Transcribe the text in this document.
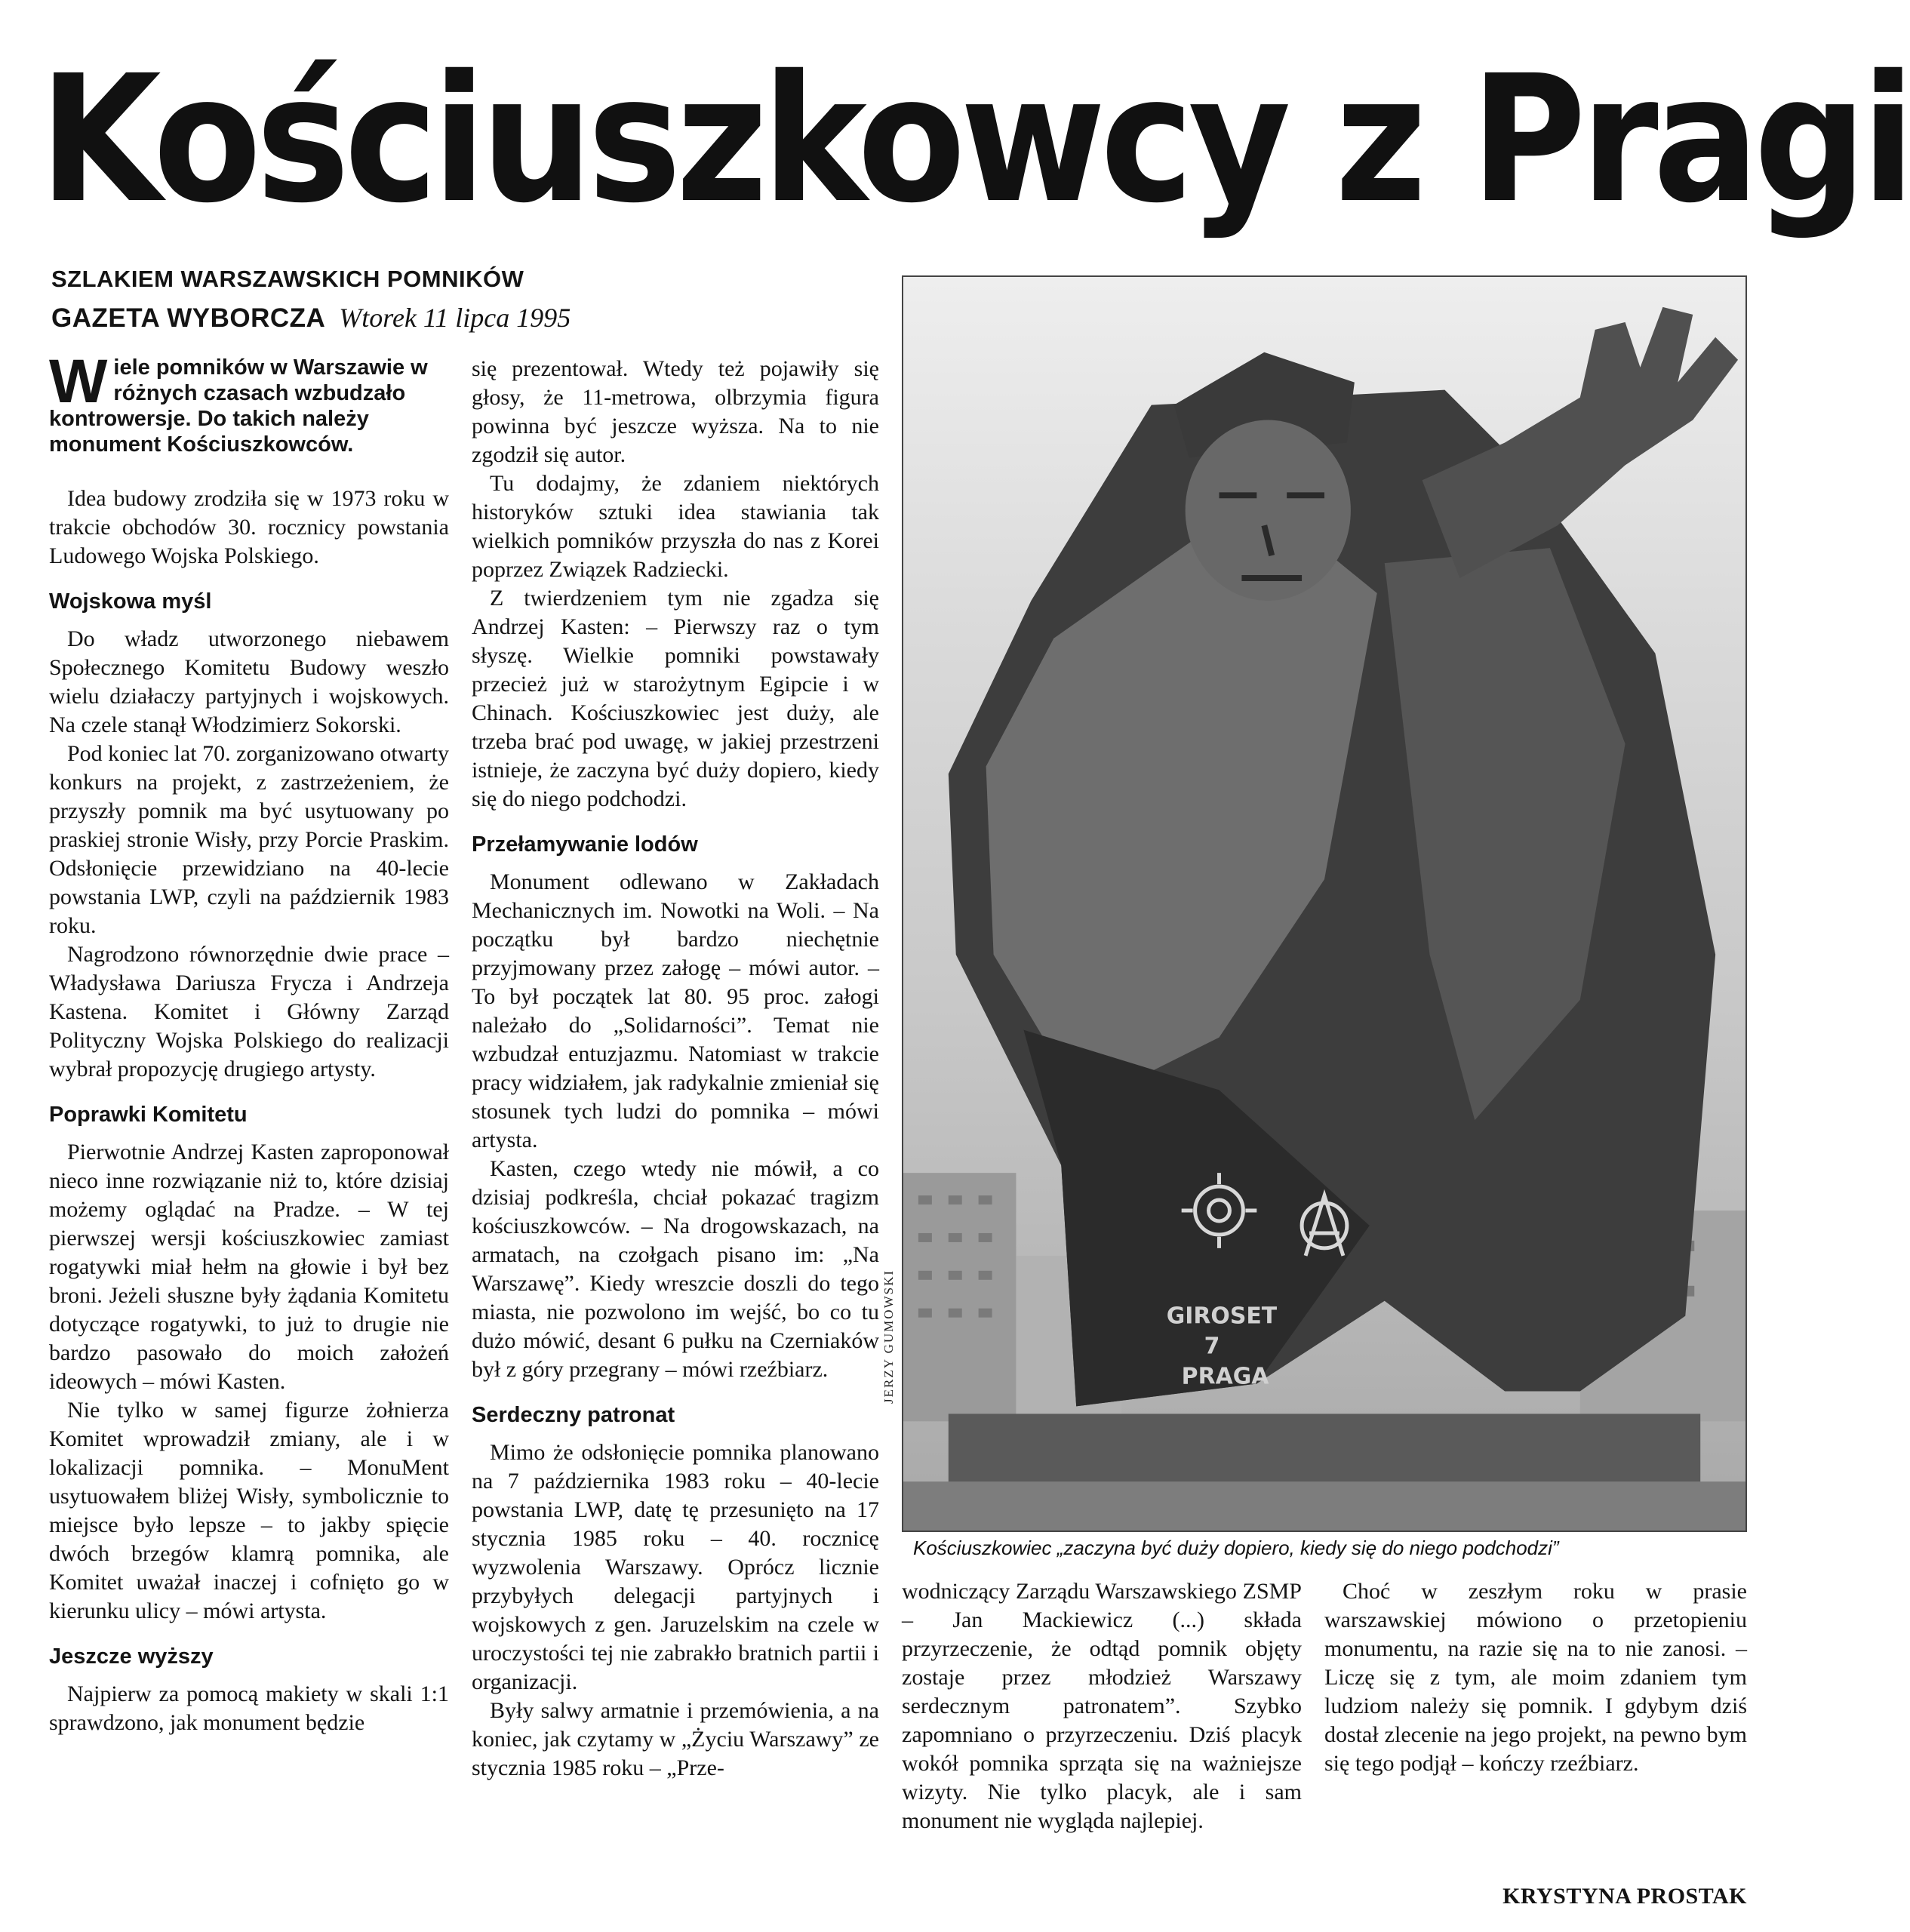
Kościuszkowcy z Pragi
SZLAKIEM WARSZAWSKICH POMNIKÓW
GAZETA WYBORCZA Wtorek 11 lipca 1995
Wiele pomników w Warszawie w różnych czasach wzbudzało kontrowersje. Do takich należy monument Kościuszkowców.

Idea budowy zrodziła się w 1973 roku w trakcie obchodów 30. rocznicy powstania Ludowego Wojska Polskiego.

Wojskowa myśl

Do władz utworzonego niebawem Społecznego Komitetu Budowy weszło wielu działaczy partyjnych i wojskowych. Na czele stanął Włodzimierz Sokorski.

Pod koniec lat 70. zorganizowano otwarty konkurs na projekt, z zastrzeżeniem, że przyszły pomnik ma być usytuowany po praskiej stronie Wisły, przy Porcie Praskim. Odsłonięcie przewidziano na 40-lecie powstania LWP, czyli na październik 1983 roku.

Nagrodzono równorzędnie dwie prace – Władysława Dariusza Frycza i Andrzeja Kastena. Komitet i Główny Zarząd Polityczny Wojska Polskiego do realizacji wybrał propozycję drugiego artysty.

Poprawki Komitetu

Pierwotnie Andrzej Kasten zaproponował nieco inne rozwiązanie niż to, które dzisiaj możemy oglądać na Pradze. – W tej pierwszej wersji kościuszkowiec zamiast rogatywki miał hełm na głowie i był bez broni. Jeżeli słuszne były żądania Komitetu dotyczące rogatywki, to już to drugie nie bardzo pasowało do moich założeń ideowych – mówi Kasten.

Nie tylko w samej figurze żołnierza Komitet wprowadził zmiany, ale i w lokalizacji pomnika. – MonuMent usytuowałem bliżej Wisły, symbolicznie to miejsce było lepsze – to jakby spięcie dwóch brzegów klamrą pomnika, ale Komitet uważał inaczej i cofnięto go w kierunku ulicy – mówi artysta.

Jeszcze wyższy

Najpierw za pomocą makiety w skali 1:1 sprawdzono, jak monument będzie

się prezentował. Wtedy też pojawiły się głosy, że 11-metrowa, olbrzymia figura powinna być jeszcze wyższa. Na to nie zgodził się autor.

Tu dodajmy, że zdaniem niektórych historyków sztuki idea stawiania tak wielkich pomników przyszła do nas z Korei poprzez Związek Radziecki.

Z twierdzeniem tym nie zgadza się Andrzej Kasten: – Pierwszy raz o tym słyszę. Wielkie pomniki powstawały przecież już w starożytnym Egipcie i w Chinach. Kościuszkowiec jest duży, ale trzeba brać pod uwagę, w jakiej przestrzeni istnieje, że zaczyna być duży dopiero, kiedy się do niego podchodzi.

Przełamywanie lodów

Monument odlewano w Zakładach Mechanicznych im. Nowotki na Woli. – Na początku był bardzo niechętnie przyjmowany przez załogę – mówi autor. – To był początek lat 80. 95 proc. załogi należało do „Solidarności”. Temat nie wzbudzał entuzjazmu. Natomiast w trakcie pracy widziałem, jak radykalnie zmieniał się stosunek tych ludzi do pomnika – mówi artysta.

Kasten, czego wtedy nie mówił, a co dzisiaj podkreśla, chciał pokazać tragizm kościuszkowców. – Na drogowskazach, na armatach, na czołgach pisano im: „Na Warszawę”. Kiedy wreszcie doszli do tego miasta, nie pozwolono im wejść, bo co tu dużo mówić, desant 6 pułku na Czerniaków był z góry przegrany – mówi rzeźbiarz.

Serdeczny patronat

Mimo że odsłonięcie pomnika planowano na 7 października 1983 roku – 40-lecie powstania LWP, datę tę przesunięto na 17 stycznia 1985 roku – 40. rocznicę wyzwolenia Warszawy. Oprócz licznie przybyłych delegacji partyjnych i wojskowych z gen. Jaruzelskim na czele w uroczystości tej nie zabrakło bratnich partii i organizacji.

Były salwy armatnie i przemówienia, a na koniec, jak czytamy w „Życiu Warszawy” ze stycznia 1985 roku – „Prze-

GIROSET 7 PRAGA
JERZY GUMOWSKI
Kościuszkowiec „zaczyna być duży dopiero, kiedy się do niego podchodzi”

wodniczący Zarządu Warszawskiego ZSMP – Jan Mackiewicz (...) składa przyrzeczenie, że odtąd pomnik objęty zostaje przez młodzież Warszawy serdecznym patronatem”. Szybko zapomniano o przyrzeczeniu. Dziś placyk wokół pomnika sprząta się na ważniejsze wizyty. Nie tylko placyk, ale i sam monument nie wygląda najlepiej.

Choć w zeszłym roku w prasie warszawskiej mówiono o przetopieniu monumentu, na razie się na to nie zanosi. – Liczę się z tym, ale moim zdaniem tym ludziom należy się pomnik. I gdybym dziś dostał zlecenie na jego projekt, na pewno bym się tego podjął – kończy rzeźbiarz.

KRYSTYNA PROSTAK
